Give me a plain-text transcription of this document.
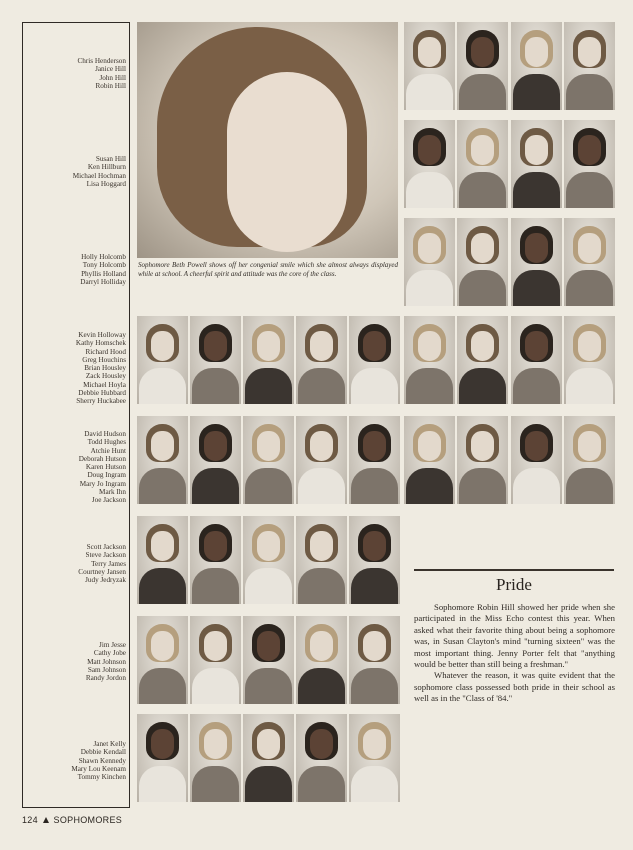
Chris Henderson
Janice Hill
John Hill
Robin Hill
Susan Hill
Ken Hillburn
Michael Hochman
Lisa Hoggard
Holly Holcomb
Tony Holcomb
Phyllis Holland
Darryl Holliday
Kevin Holloway
Kathy Homschek
Richard Hood
Greg Houchins
Brian Housley
Zack Housley
Michael Hoyla
Debbie Hubbard
Sherry Huckabee
David Hudson
Todd Hughes
Atchie Hunt
Deborah Hutson
Karen Hutson
Doug Ingram
Mary Jo Ingram
Mark Ihn
Joe Jackson
Scott Jackson
Steve Jackson
Terry James
Courtney Jansen
Judy Jedryzak
Jim Jesse
Cathy Jobe
Matt Johnson
Sam Johnson
Randy Jordon
Janet Kelly
Debbie Kendall
Shawn Kennedy
Mary Lou Keenam
Tommy Kinchen
Sophomore Beth Powell shows off her congenial smile which she almost always displayed while at school. A cheerful spirit and attitude was the core of the class.
Pride

Sophomore Robin Hill showed her pride when she participated in the Miss Echo contest this year. When asked what their favorite thing about being a sophomore was, in Susan Clayton's mind "turning sixteen" was the most important thing. Jenny Porter felt that "anything would be better than still being a freshman."

Whatever the reason, it was quite evident that the sophomore class possessed both pride in their school as well as in the "Class of '84."

124 SOPHOMORES
